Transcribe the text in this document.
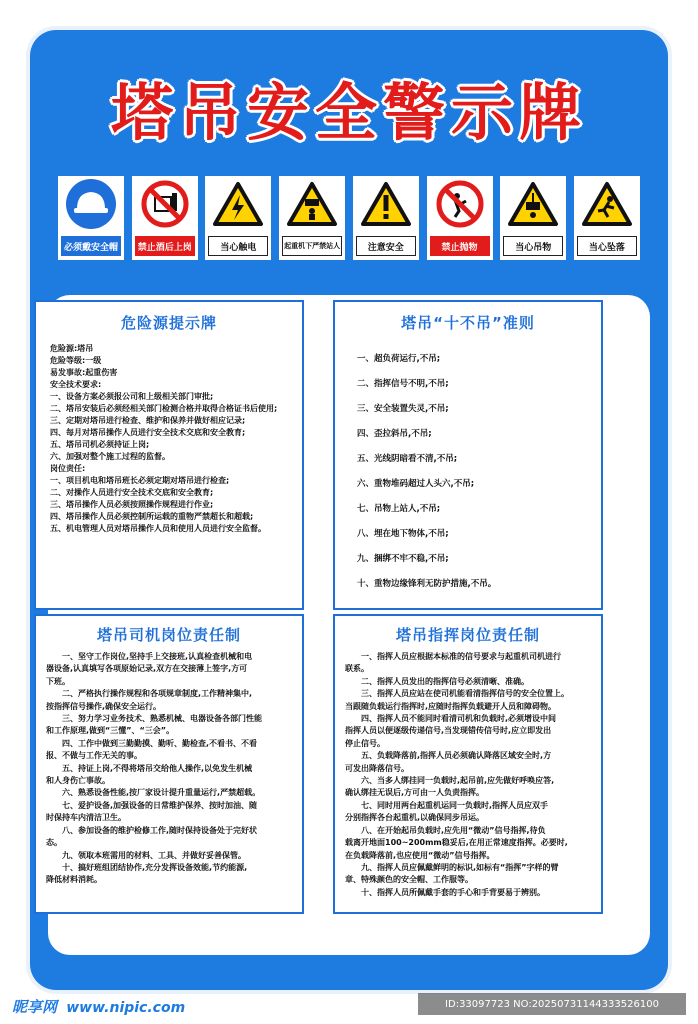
塔吊安全警示牌
必须戴安全帽	禁止酒后上岗	当心触电	起重机下严禁站人	注意安全	禁止抛物	当心吊物	当心坠落
危险源提示牌
危险源:塔吊
危险等级:一级
易发事故:起重伤害
安全技术要求:
一、设备方案必须报公司和上级相关部门审批;
二、塔吊安装后必须经相关部门检测合格并取得合格证书后使用;
三、定期对塔吊进行检查、维护和保养并做好相应记录;
四、每月对塔吊操作人员进行安全技术交底和安全教育;
五、塔吊司机必须持证上岗;
六、加强对整个施工过程的监督。
岗位责任:
一、项目机电和塔吊班长必须定期对塔吊进行检查;
二、对操作人员进行安全技术交底和安全教育;
三、塔吊操作人员必须按照操作规程进行作业;
四、塔吊操作人员必须控制所运载的重物严禁超长和超载;
五、机电管理人员对塔吊操作人员和使用人员进行安全监督。
塔吊“十不吊”准则
一、超负荷运行,不吊;
二、指挥信号不明,不吊;
三、安全装置失灵,不吊;
四、歪拉斜吊,不吊;
五、光线阴暗看不清,不吊;
六、重物堆码超过人头六,不吊;
七、吊物上站人,不吊;
八、埋在地下物体,不吊;
九、捆绑不牢不稳,不吊;
十、重物边缘锋利无防护措施,不吊。
塔吊司机岗位责任制
　　一、坚守工作岗位,坚持手上交接班,认真检查机械和电
器设备,认真填写各项原始记录,双方在交接薄上签字,方可
下班。
　　二、严格执行操作规程和各项规章制度,工作精神集中,
按指挥信号操作,确保安全运行。
　　三、努力学习业务技术、熟悉机械、电器设备各部门性能
和工作原理,做到“三懂”、“三会”。
　　四、工作中做到三勤勤摸、勤听、勤检查,不看书、不看
报、不做与工作无关的事。
　　五、持证上岗,不得将塔吊交给他人操作,以免发生机械
和人身伤亡事故。
　　六、熟悉设备性能,按厂家设计提升重量运行,严禁超载。
　　七、爱护设备,加强设备的日常维护保养、按时加油、随
时保持车内清洁卫生。
　　八、参加设备的维护检修工作,随时保持设备处于完好状
态。
　　九、领取本班需用的材料、工具、并做好妥善保管。
　　十、搞好班组团结协作,充分发挥设备效能,节约能源,
降低材料消耗。
塔吊指挥岗位责任制
　　一、指挥人员应根据本标准的信号要求与起重机司机进行
联系。
　　二、指挥人员发出的指挥信号必须清晰、准确。
　　三、指挥人员应站在使司机能看清指挥信号的安全位置上。
当跟随负载运行指挥时,应随时指挥负载避开人员和障碍物。
　　四、指挥人员不能同时看清司机和负载时,必须增设中间
指挥人员以便逐级传递信号,当发现错传信号时,应立即发出
停止信号。
　　五、负载降落前,指挥人员必须确认降落区域安全时,方
可发出降落信号。
　　六、当多人绑挂同一负载时,起吊前,应先做好呼唤应答,
确认绑挂无误后,方可由一人负责指挥。
　　七、同时用两台起重机运同一负载时,指挥人员应双手
分别指挥各台起重机,以确保同步吊运。
　　八、在开始起吊负载时,应先用“微动”信号指挥,待负
载离开地面100~200mm稳妥后,在用正常速度指挥。必要时,
在负载降落前,也应使用“微动”信号指挥。
　　九、指挥人员应佩戴鲜明的标识,如标有“指挥”字样的臂
章、特殊颜色的安全帽、工作服等。
　　十、指挥人员所佩戴手套的手心和手背要易于辨别。
昵享网 www.nipic.com	ID:33097723 NO:20250731144333526100
